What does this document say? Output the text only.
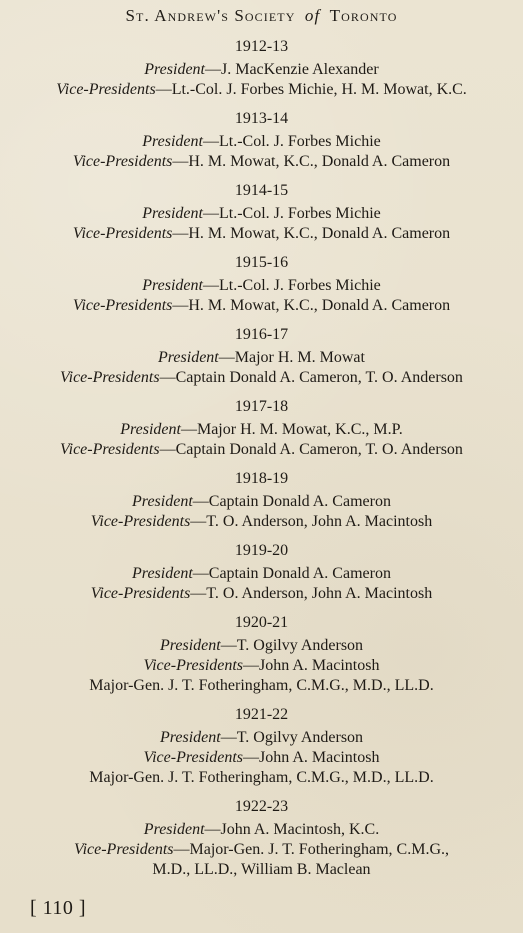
St. Andrew's Society of Toronto
1912-13
President—J. MacKenzie Alexander
Vice-Presidents—Lt.-Col. J. Forbes Michie, H. M. Mowat, K.C.
1913-14
President—Lt.-Col. J. Forbes Michie
Vice-Presidents—H. M. Mowat, K.C., Donald A. Cameron
1914-15
President—Lt.-Col. J. Forbes Michie
Vice-Presidents—H. M. Mowat, K.C., Donald A. Cameron
1915-16
President—Lt.-Col. J. Forbes Michie
Vice-Presidents—H. M. Mowat, K.C., Donald A. Cameron
1916-17
President—Major H. M. Mowat
Vice-Presidents—Captain Donald A. Cameron, T. O. Anderson
1917-18
President—Major H. M. Mowat, K.C., M.P.
Vice-Presidents—Captain Donald A. Cameron, T. O. Anderson
1918-19
President—Captain Donald A. Cameron
Vice-Presidents—T. O. Anderson, John A. Macintosh
1919-20
President—Captain Donald A. Cameron
Vice-Presidents—T. O. Anderson, John A. Macintosh
1920-21
President—T. Ogilvy Anderson
Vice-Presidents—John A. Macintosh
Major-Gen. J. T. Fotheringham, C.M.G., M.D., LL.D.
1921-22
President—T. Ogilvy Anderson
Vice-Presidents—John A. Macintosh
Major-Gen. J. T. Fotheringham, C.M.G., M.D., LL.D.
1922-23
President—John A. Macintosh, K.C.
Vice-Presidents—Major-Gen. J. T. Fotheringham, C.M.G.,
M.D., LL.D., William B. Maclean
[ 110 ]
